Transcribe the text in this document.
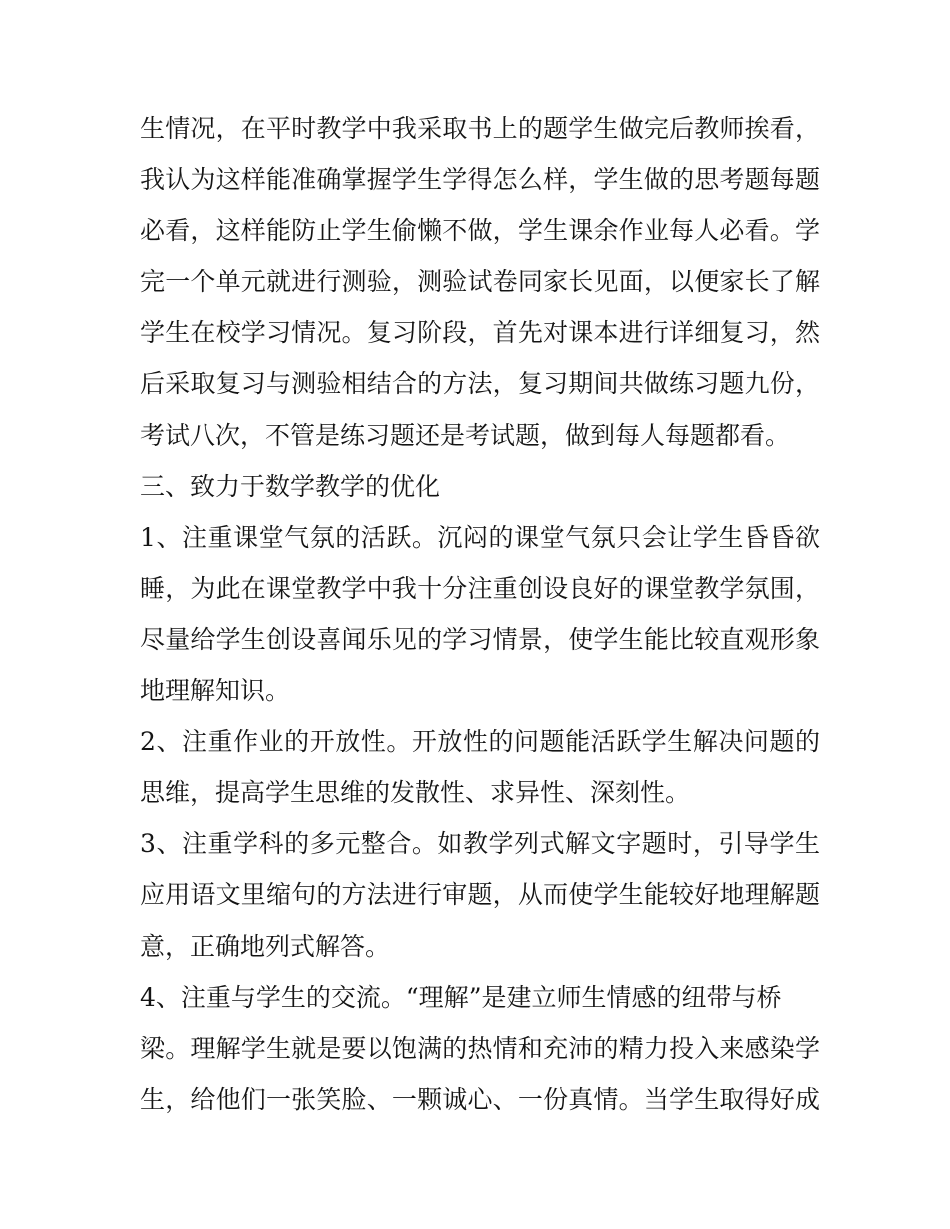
生情况，在平时教学中我采取书上的题学生做完后教师挨看，
我认为这样能准确掌握学生学得怎么样，学生做的思考题每题
必看，这样能防止学生偷懒不做，学生课余作业每人必看。学
完一个单元就进行测验，测验试卷同家长见面，以便家长了解
学生在校学习情况。复习阶段，首先对课本进行详细复习，然
后采取复习与测验相结合的方法，复习期间共做练习题九份，
考试八次，不管是练习题还是考试题，做到每人每题都看。
三、致力于数学教学的优化
1、注重课堂气氛的活跃。沉闷的课堂气氛只会让学生昏昏欲
睡，为此在课堂教学中我十分注重创设良好的课堂教学氛围，
尽量给学生创设喜闻乐见的学习情景，使学生能比较直观形象
地理解知识。
2、注重作业的开放性。开放性的问题能活跃学生解决问题的
思维，提高学生思维的发散性、求异性、深刻性。
3、注重学科的多元整合。如教学列式解文字题时，引导学生
应用语文里缩句的方法进行审题，从而使学生能较好地理解题
意，正确地列式解答。
4、注重与学生的交流。“理解”是建立师生情感的纽带与桥
梁。理解学生就是要以饱满的热情和充沛的精力投入来感染学
生，给他们一张笑脸、一颗诚心、一份真情。当学生取得好成
